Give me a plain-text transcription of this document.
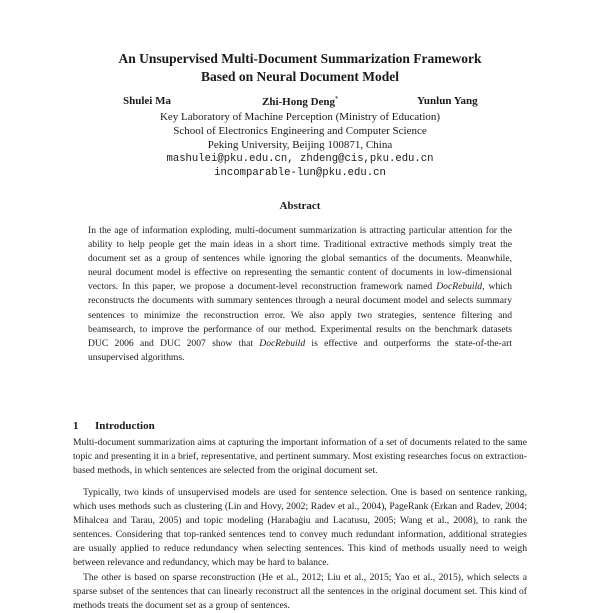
An Unsupervised Multi-Document Summarization Framework
Based on Neural Document Model
Shulei Ma	Zhi-Hong Deng*	Yunlun Yang
Key Laboratory of Machine Perception (Ministry of Education)
School of Electronics Engineering and Computer Science
Peking University, Beijing 100871, China
mashulei@pku.edu.cn, zhdeng@cis,pku.edu.cn
incomparable-lun@pku.edu.cn
Abstract
In the age of information exploding, multi-document summarization is attracting particular attention for the ability to help people get the main ideas in a short time. Traditional extractive methods simply treat the document set as a group of sentences while ignoring the global semantics of the documents. Meanwhile, neural document model is effective on representing the semantic content of documents in low-dimensional vectors. In this paper, we propose a document-level reconstruction framework named DocRebuild, which reconstructs the documents with summary sentences through a neural document model and selects summary sentences to minimize the reconstruction error. We also apply two strategies, sentence filtering and beamsearch, to improve the performance of our method. Experimental results on the benchmark datasets DUC 2006 and DUC 2007 show that DocRebuild is effective and outperforms the state-of-the-art unsupervised algorithms.
1 Introduction
Multi-document summarization aims at capturing the important information of a set of documents related to the same topic and presenting it in a brief, representative, and pertinent summary. Most existing researches focus on extraction-based methods, in which sentences are selected from the original document set.
Typically, two kinds of unsupervised models are used for sentence selection. One is based on sentence ranking, which uses methods such as clustering (Lin and Hovy, 2002; Radev et al., 2004), PageRank (Erkan and Radev, 2004; Mihalcea and Tarau, 2005) and topic modeling (Harabaġiu and Lacatusu, 2005; Wang et al., 2008), to rank the sentences. Considering that top-ranked sentences tend to convey much redundant information, additional strategies are usually applied to reduce redundancy when selecting sentences. This kind of methods usually need to weigh between relevance and redundancy, which may be hard to balance.
The other is based on sparse reconstruction (He et al., 2012; Liu et al., 2015; Yao et al., 2015), which selects a sparse subset of the sentences that can linearly reconstruct all the sentences in the original document set. This kind of methods treats the document set as a group of sentences.
